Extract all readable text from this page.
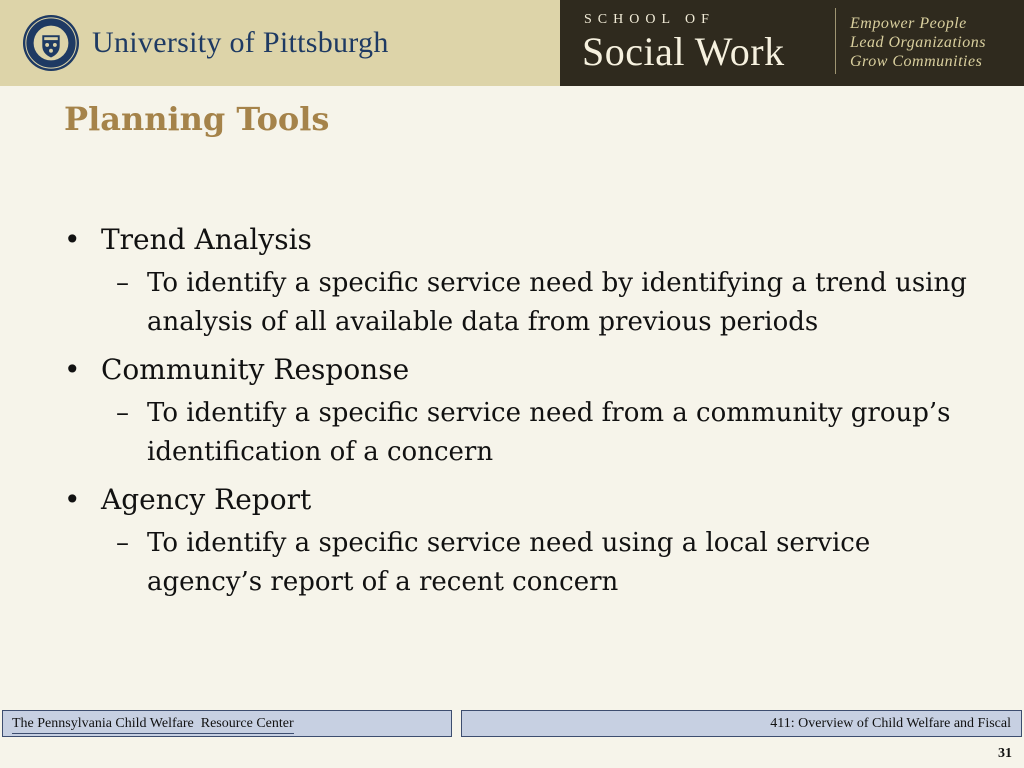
University of Pittsburgh
SCHOOL OF
Social Work
Empower People
Lead Organizations
Grow Communities
Planning Tools
• Trend Analysis
– To identify a specific service need by identifying a trend using analysis of all available data from previous periods
• Community Response
– To identify a specific service need from a community group’s identification of a concern
• Agency Report
– To identify a specific service need using a local service agency’s report of a recent concern
The Pennsylvania Child Welfare  Resource Center	411: Overview of Child Welfare and Fiscal
31
